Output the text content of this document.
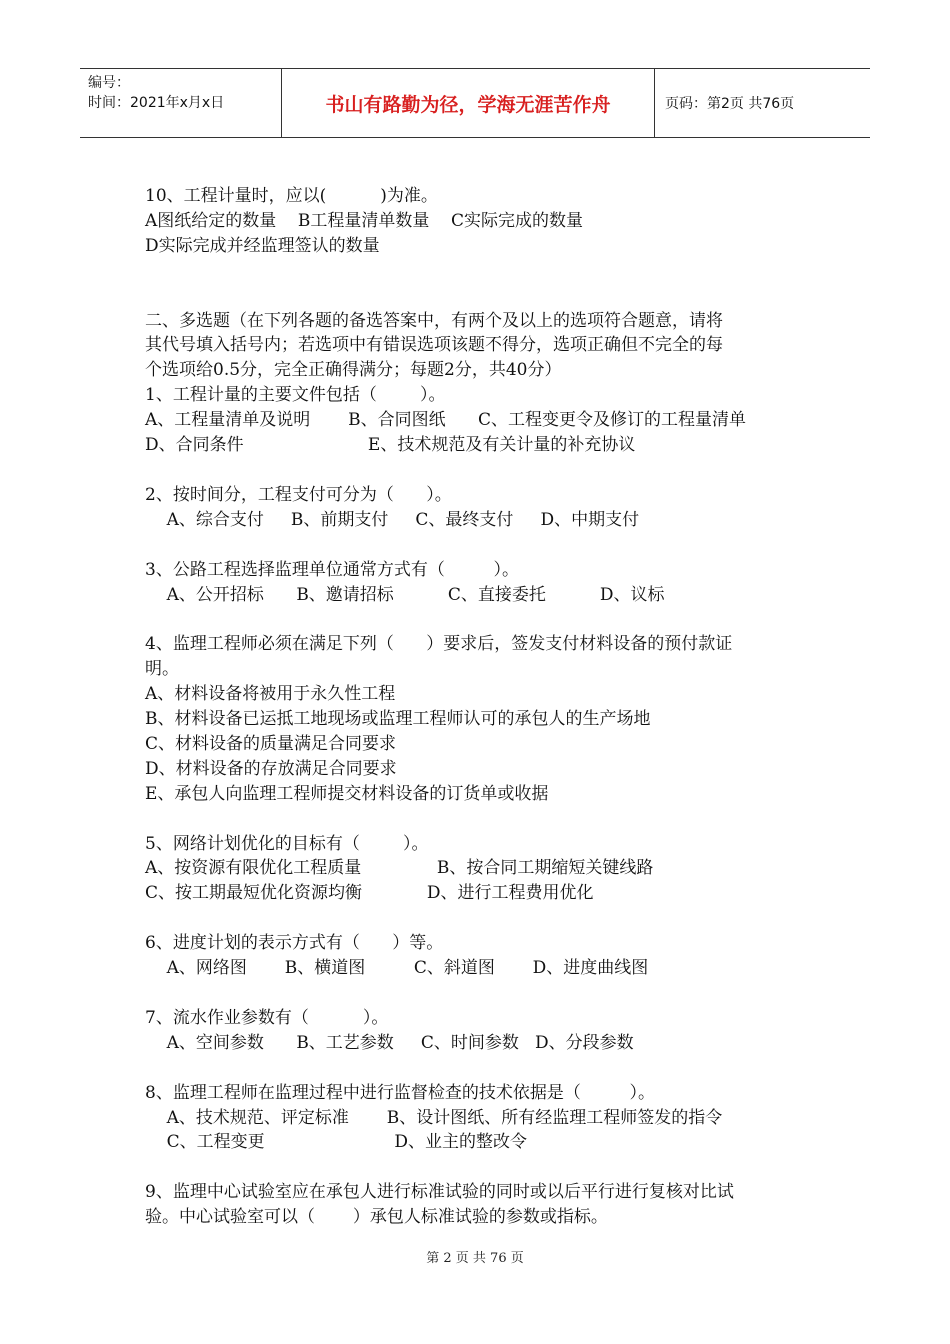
编号：
时间：2021年x月x日	书山有路勤为径，学海无涯苦作舟	页码：第2页 共76页
10、工程计量时，应以(          )为准。
A图纸给定的数量    B工程量清单数量    C实际完成的数量
D实际完成并经监理签认的数量

二、多选题（在下列各题的备选答案中，有两个及以上的选项符合题意，请将
其代号填入括号内；若选项中有错误选项该题不得分，选项正确但不完全的每
个选项给0.5分，完全正确得满分；每题2分，共40分）
1、工程计量的主要文件包括（        ）。
A、工程量清单及说明       B、合同图纸      C、工程变更令及修订的工程量清单
D、合同条件                       E、技术规范及有关计量的补充协议

2、按时间分，工程支付可分为（      ）。
A、综合支付     B、前期支付     C、最终支付     D、中期支付

3、公路工程选择监理单位通常方式有（         ）。
A、公开招标      B、邀请招标          C、直接委托          D、议标

4、监理工程师必须在满足下列（      ）要求后，签发支付材料设备的预付款证
明。
A、材料设备将被用于永久性工程
B、材料设备已运抵工地现场或监理工程师认可的承包人的生产场地
C、材料设备的质量满足合同要求
D、材料设备的存放满足合同要求
E、承包人向监理工程师提交材料设备的订货单或收据

5、网络计划优化的目标有（        ）。
A、按资源有限优化工程质量              B、按合同工期缩短关键线路
C、按工期最短优化资源均衡            D、进行工程费用优化

6、进度计划的表示方式有（      ）等。
A、网络图       B、横道图         C、斜道图       D、进度曲线图

7、流水作业参数有（          ）。
A、空间参数      B、工艺参数     C、时间参数   D、分段参数

8、监理工程师在监理过程中进行监督检查的技术依据是（         ）。
A、技术规范、评定标准       B、设计图纸、所有经监理工程师签发的指令
C、工程变更                        D、业主的整改令

9、监理中心试验室应在承包人进行标准试验的同时或以后平行进行复核对比试
验。中心试验室可以（       ）承包人标准试验的参数或指标。
第 2 页 共 76 页
